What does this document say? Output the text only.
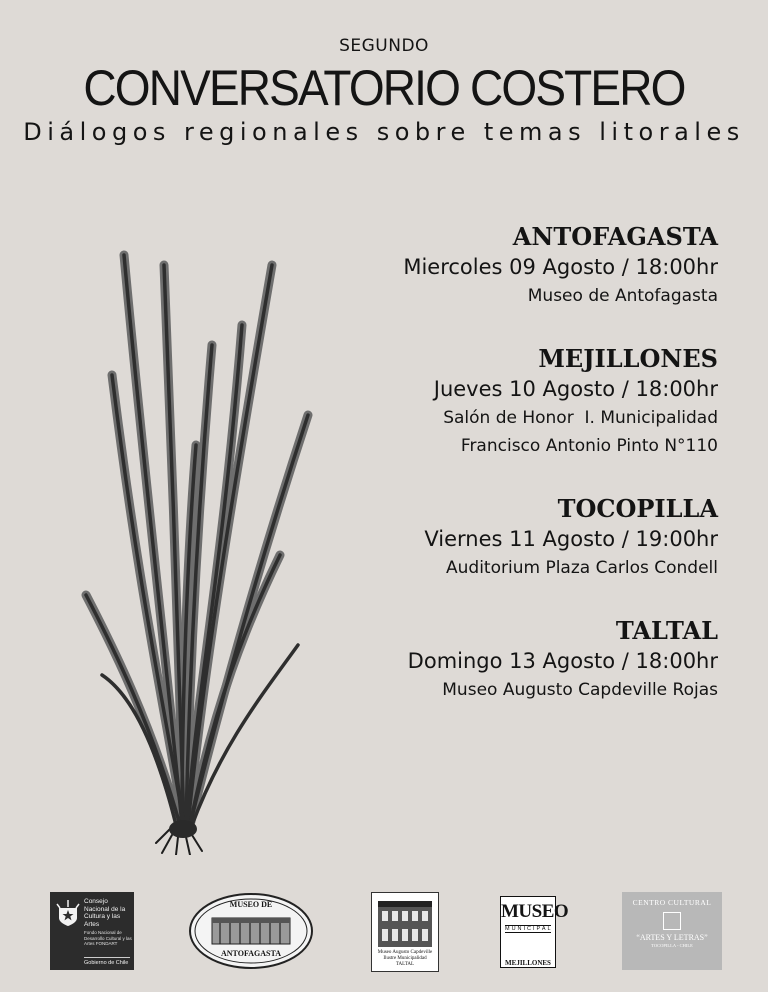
SEGUNDO
CONVERSATORIO COSTERO
Diálogos regionales sobre temas litorales
ANTOFAGASTA
Miercoles 09 Agosto / 18:00hr
Museo de Antofagasta
MEJILLONES
Jueves 10 Agosto / 18:00hr
Salón de Honor  I. Municipalidad
Francisco Antonio Pinto N°110
TOCOPILLA
Viernes 11 Agosto / 19:00hr
Auditorium Plaza Carlos Condell
TALTAL
Domingo 13 Agosto / 18:00hr
Museo Augusto Capdeville Rojas
Consejo Nacional de la Cultura y las Artes
Fondo Nacional de Desarrollo Cultural y las Artes FONDART
Gobierno de Chile
MUSEO DE
ANTOFAGASTA	Museo Augusto Capdeville
Ilustre Municipalidad
TALTAL
MUSEO
MUNICIPAL
MEJILLONES
CENTRO CULTURAL
“ARTES Y LETRAS”
TOCOPILLA - CHILE
